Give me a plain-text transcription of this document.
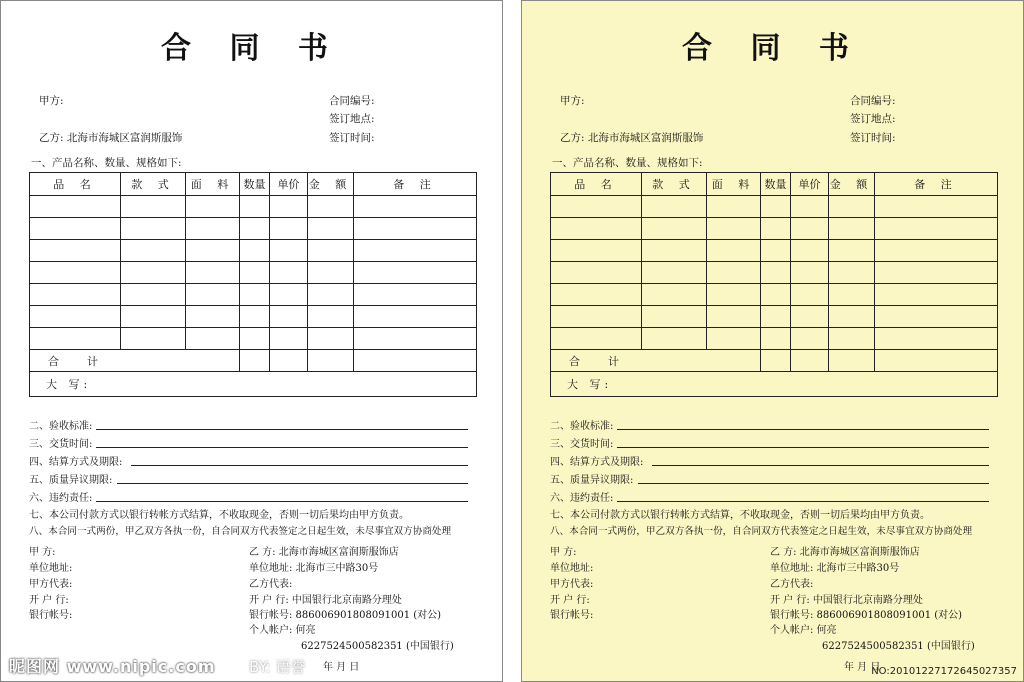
合 同 书
甲方:
乙方: 北海市海城区富润斯服饰
合同编号:
签订地点:
签订时间:
一、产品名称、数量、规格如下:
品 名	款 式	面 料	数量	单价	金 额	备 注

合计						
大 写:						
二、验收标准:
三、交货时间:
四、结算方式及期限:
五、质量异议期限:
六、违约责任:
七、本公司付款方式以银行转帐方式结算，不收取现金，否则一切后果均由甲方负责。
八、本合同一式两份，甲乙双方各执一份，自合同双方代表签定之日起生效，未尽事宜双方协商处理
甲 方:
单位地址:
甲方代表:
开 户 行:
银行帐号:
乙 方: 北海市海城区富润斯服饰店
单位地址: 北海市三中路30号
乙方代表:
开 户 行: 中国银行北京南路分理处
银行帐号: 886006901808091001 (对公)
个人帐户: 何亮
6227524500582351 (中国银行)
年 月 日
昵图网 www.nipic.com BY: 语誉
合 同 书
甲方:
乙方: 北海市海城区富润斯服饰
合同编号:
签订地点:
签订时间:
一、产品名称、数量、规格如下:
品 名	款 式	面 料	数量	单价	金 额	备 注

合计						
大 写:						
二、验收标准:
三、交货时间:
四、结算方式及期限:
五、质量异议期限:
六、违约责任:
七、本公司付款方式以银行转帐方式结算，不收取现金，否则一切后果均由甲方负责。
八、本合同一式两份，甲乙双方各执一份，自合同双方代表签定之日起生效，未尽事宜双方协商处理
甲 方:
单位地址:
甲方代表:
开 户 行:
银行帐号:
乙 方: 北海市海城区富润斯服饰店
单位地址: 北海市三中路30号
乙方代表:
开 户 行: 中国银行北京南路分理处
银行帐号: 886006901808091001 (对公)
个人帐户: 何亮
6227524500582351 (中国银行)
年 月 日
NO:20101227172645027357
